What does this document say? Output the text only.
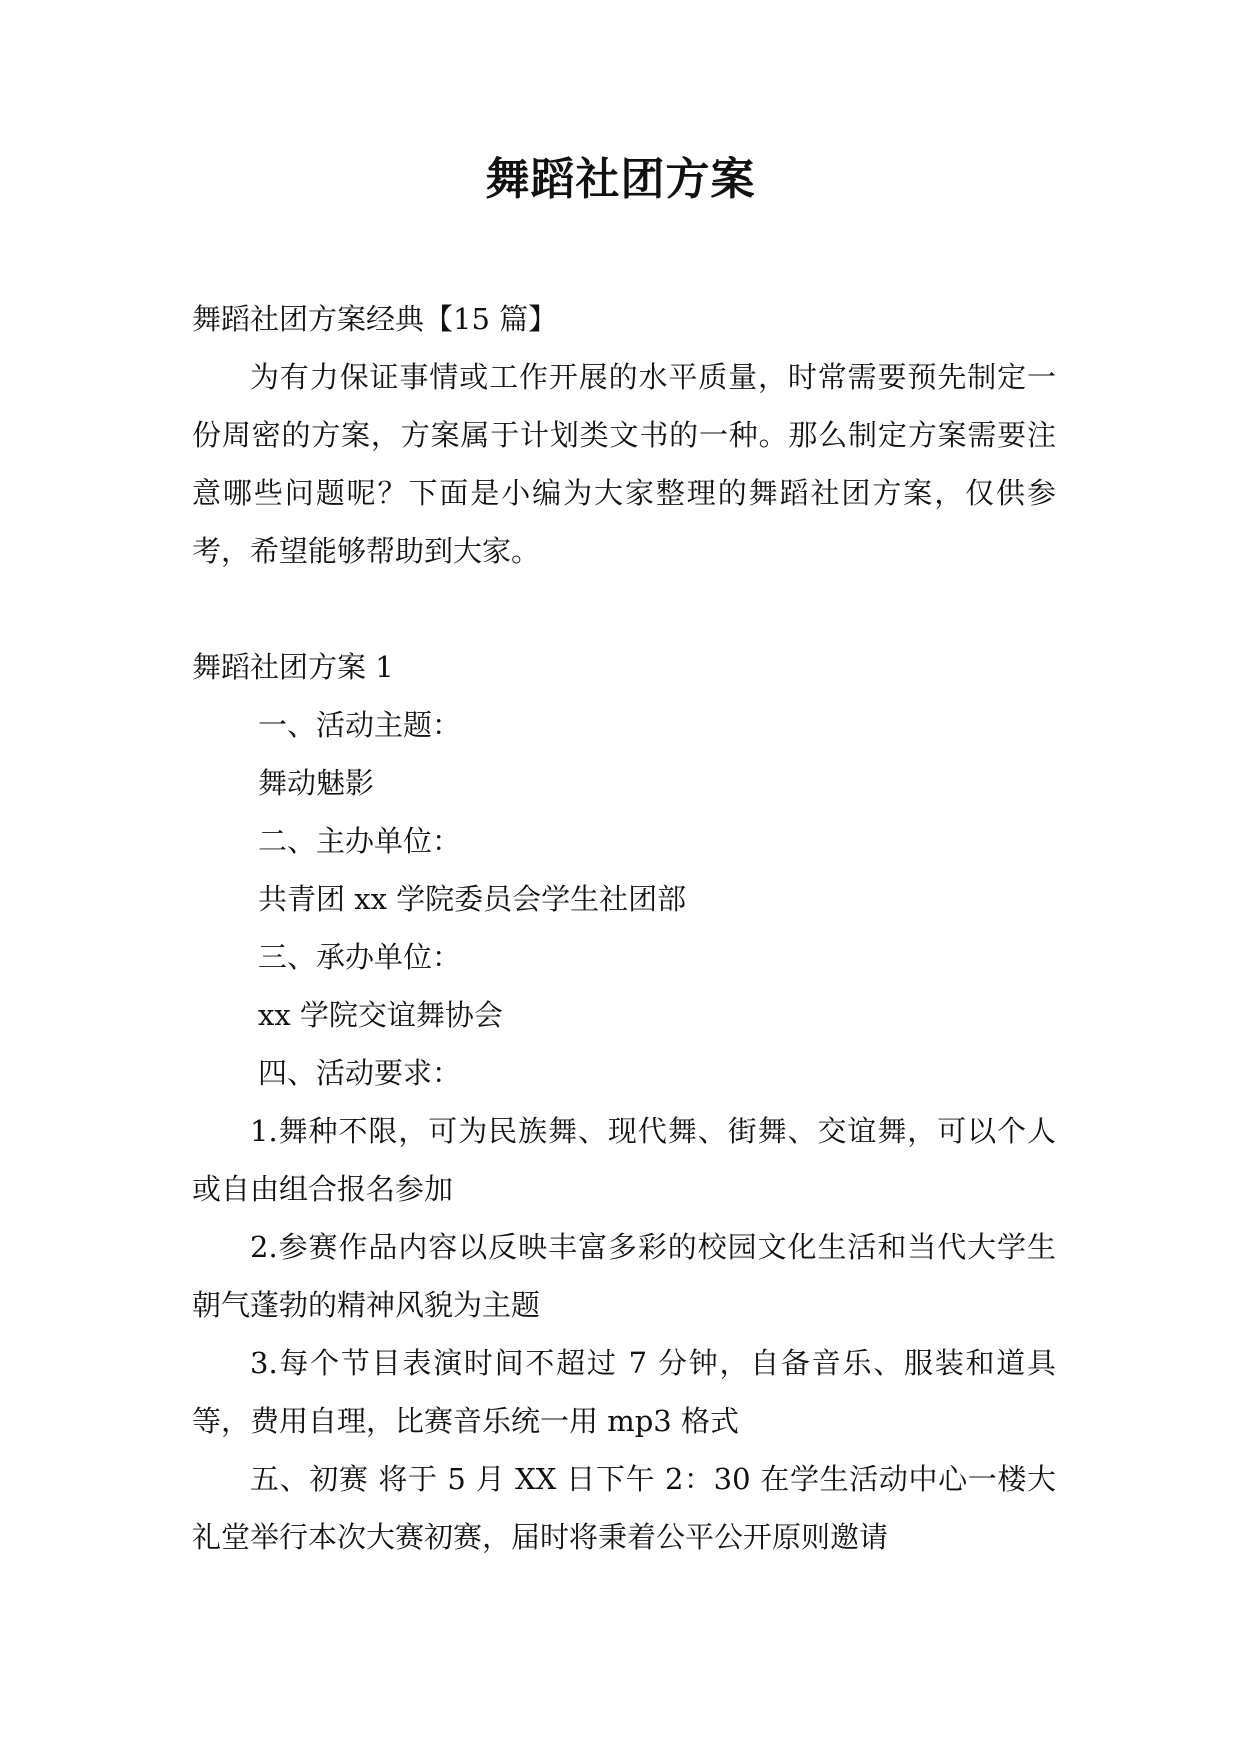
舞蹈社团方案

舞蹈社团方案经典【15 篇】

为有力保证事情或工作开展的水平质量，时常需要预先制定一份周密的方案，方案属于计划类文书的一种。那么制定方案需要注意哪些问题呢？下面是小编为大家整理的舞蹈社团方案，仅供参考，希望能够帮助到大家。

舞蹈社团方案 1

一、活动主题：

舞动魅影

二、主办单位：

共青团 xx 学院委员会学生社团部

三、承办单位：

xx 学院交谊舞协会

四、活动要求：

1.舞种不限，可为民族舞、现代舞、街舞、交谊舞，可以个人或自由组合报名参加

2.参赛作品内容以反映丰富多彩的校园文化生活和当代大学生朝气蓬勃的精神风貌为主题

3.每个节目表演时间不超过 7 分钟，自备音乐、服装和道具等，费用自理，比赛音乐统一用 mp3 格式

五、初赛 将于 5 月 XX 日下午 2：30 在学生活动中心一楼大礼堂举行本次大赛初赛，届时将秉着公平公开原则邀请
